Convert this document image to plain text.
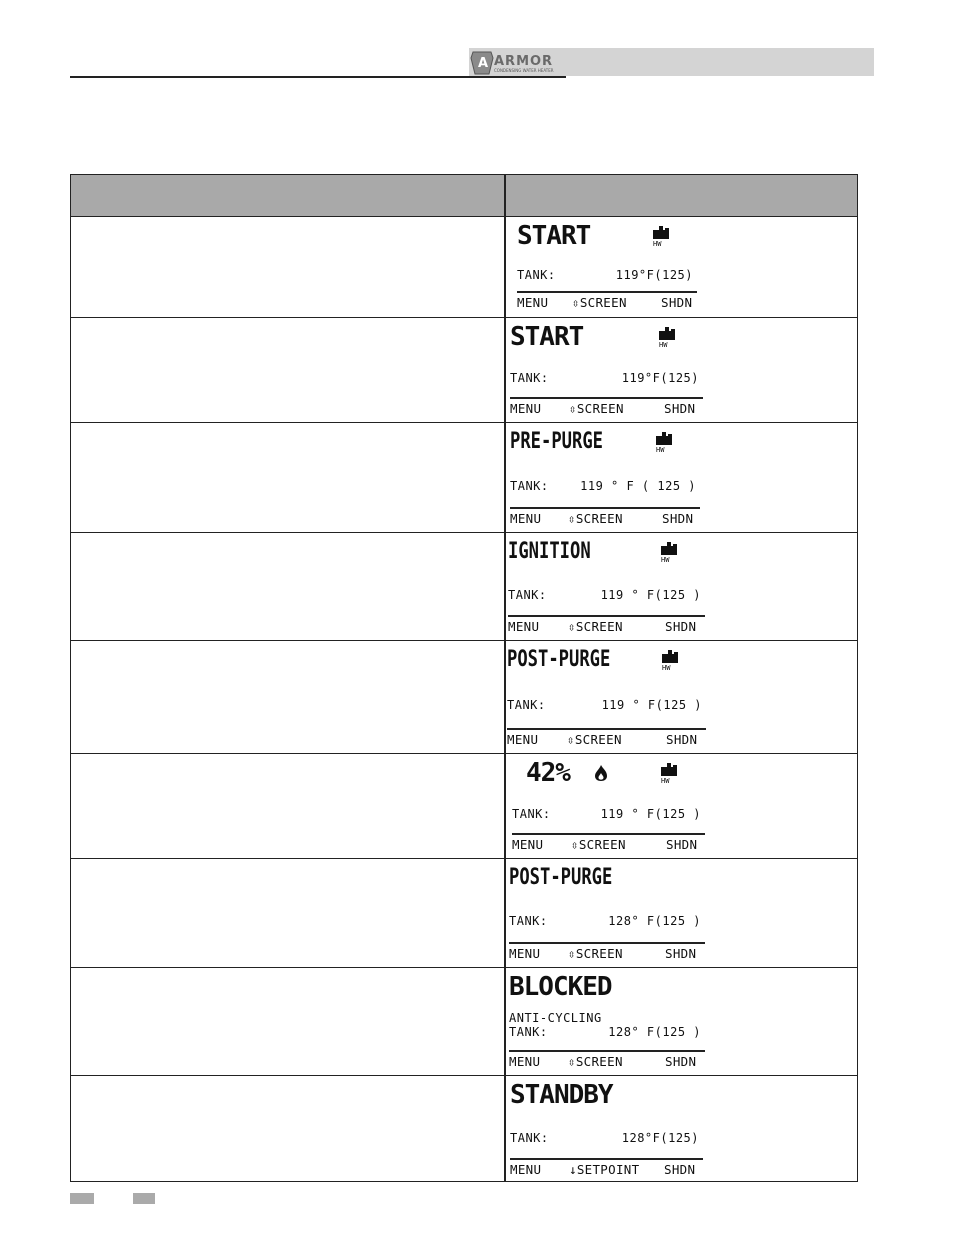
A ARMOR
CONDENSING WATER HEATER
START	HW
TANK:	119°F(125)
MENU ⇳SCREEN	SHDN
START	HW
TANK:	119°F(125)
MENU ⇳SCREEN	SHDN
PRE-PURGE	HW
TANK:	119 ° F ( 125 )
MENU ⇳SCREEN	SHDN
IGNITION	HW
TANK:	119 ° F(125 )
MENU ⇳SCREEN	SHDN
POST-PURGE	HW
TANK:	119 ° F(125 )
MENU ⇳SCREEN	SHDN
42%	HW
TANK:	119 ° F(125 )
MENU ⇳SCREEN	SHDN
POST-PURGE
TANK:	128° F(125 )
MENU ⇳SCREEN	SHDN
BLOCKED
ANTI-CYCLING
TANK:	128° F(125 )
MENU ⇳SCREEN	SHDN
STANDBY
TANK:	128°F(125)
MENU ↓SETPOINT SHDN
